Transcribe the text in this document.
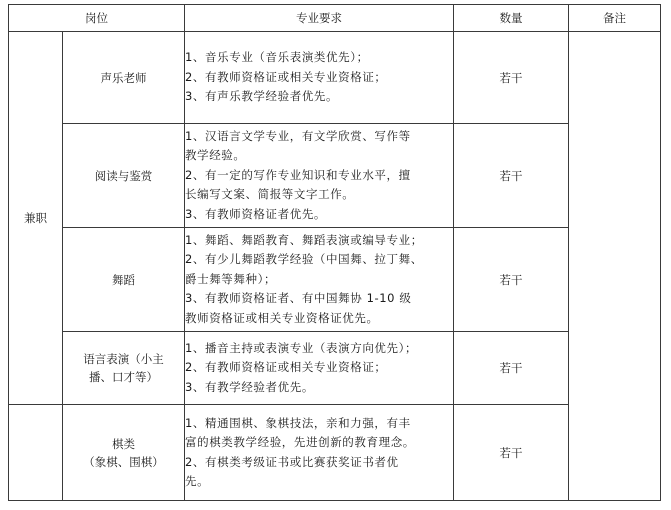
岗位		专业要求	数量	备注
兼职	声乐老师	1、音乐专业（音乐表演类优先）；
2、有教师资格证或相关专业资格证；
3、有声乐教学经验者优先。	若干	
	阅读与鉴赏	1、汉语言文学专业，有文学欣赏、写作等
教学经验。
2、有一定的写作专业知识和专业水平，擅
长编写文案、简报等文字工作。
3、有教师资格证者优先。	若干	
	舞蹈	1、舞蹈、舞蹈教育、舞蹈表演或编导专业；
2、有少儿舞蹈教学经验（中国舞、拉丁舞、
爵士舞等舞种）；
3、有教师资格证者、有中国舞协 1-10 级
教师资格证或相关专业资格证优先。	若干	

	语言表演（小主
播、口才等）	1、播音主持或表演专业（表演方向优先）；
2、有教师资格证或相关专业资格证；
3、有教学经验者优先。	若干	

	棋类
（象棋、围棋）	1、精通围棋、象棋技法，亲和力强，有丰
富的棋类教学经验，先进创新的教育理念。
2、有棋类考级证书或比赛获奖证书者优
先。	若干	
